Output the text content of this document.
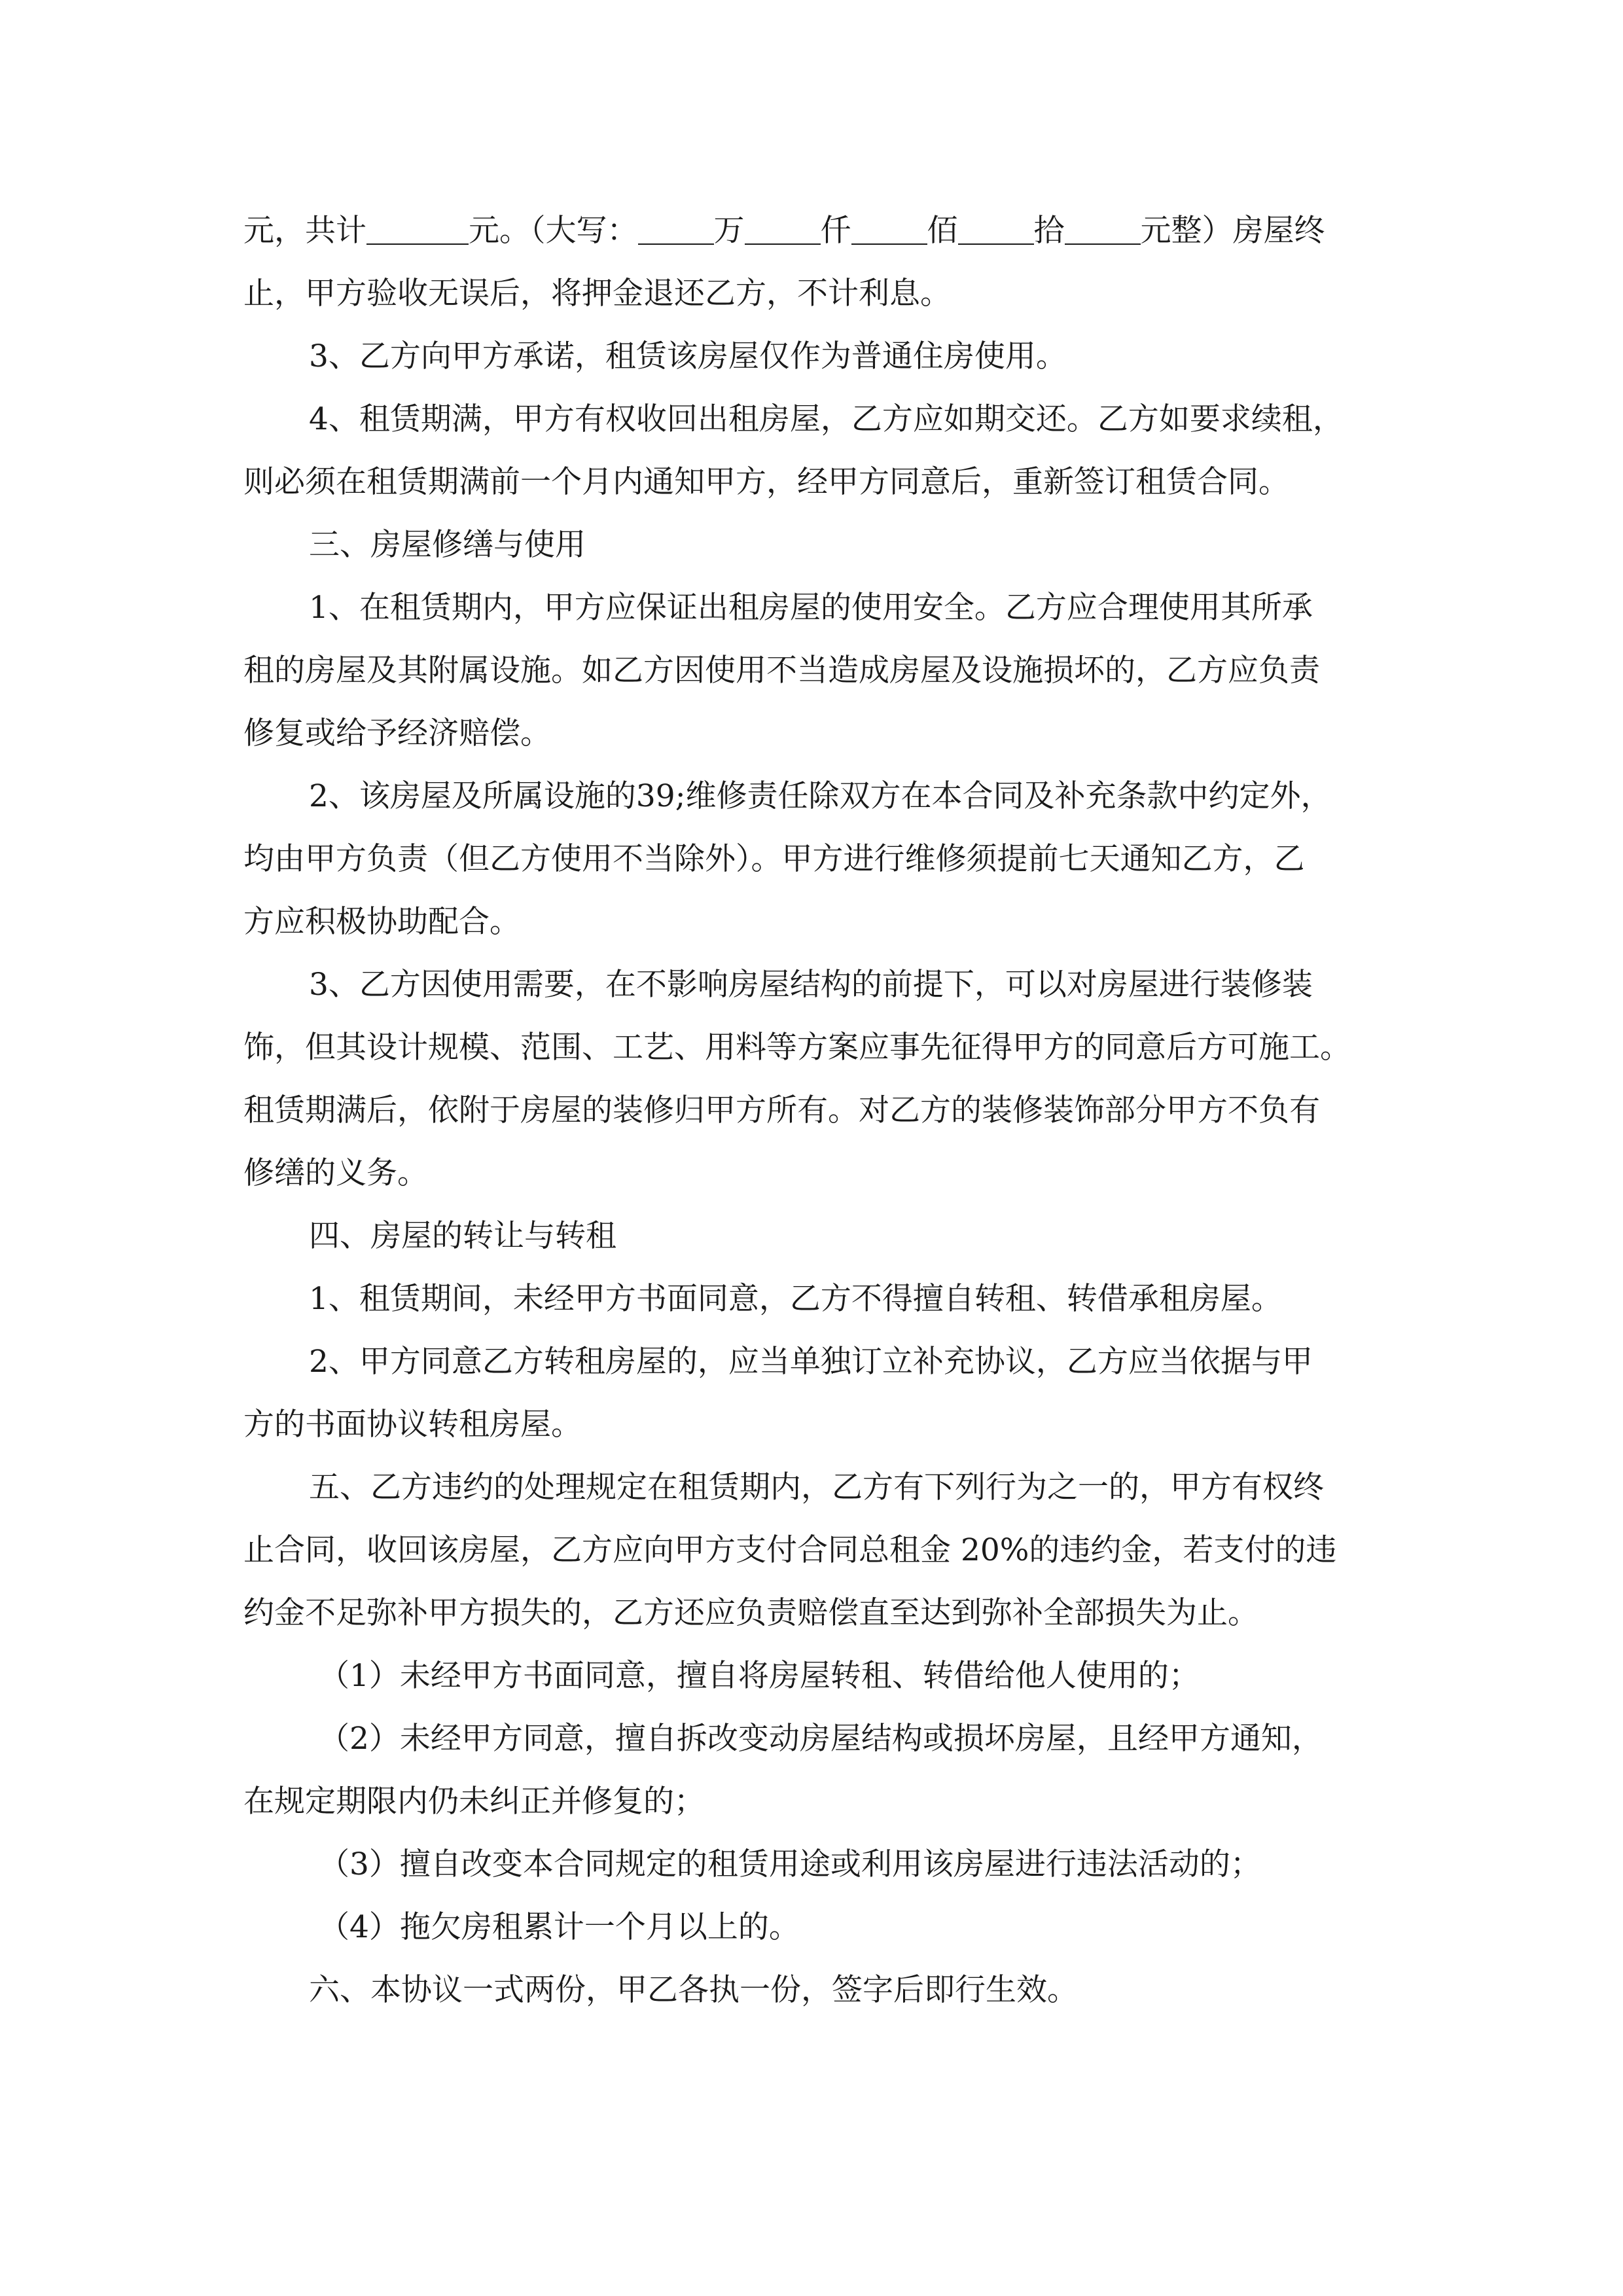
元，共计	元。（大写： 万 仟 佰 拾 元整）房屋终
止，甲方验收无误后，将押金退还乙方，不计利息。
3、乙方向甲方承诺，租赁该房屋仅作为普通住房使用。
4、租赁期满，甲方有权收回出租房屋，乙方应如期交还。乙方如要求续租，
则必须在租赁期满前一个月内通知甲方，经甲方同意后，重新签订租赁合同。
三、房屋修缮与使用
1、在租赁期内，甲方应保证出租房屋的使用安全。乙方应合理使用其所承
租的房屋及其附属设施。如乙方因使用不当造成房屋及设施损坏的，乙方应负责
修复或给予经济赔偿。
2、该房屋及所属设施的39;维修责任除双方在本合同及补充条款中约定外，
均由甲方负责（但乙方使用不当除外）。甲方进行维修须提前七天通知乙方，乙
方应积极协助配合。
3、乙方因使用需要，在不影响房屋结构的前提下，可以对房屋进行装修装
饰，但其设计规模、范围、工艺、用料等方案应事先征得甲方的同意后方可施工。
租赁期满后，依附于房屋的装修归甲方所有。对乙方的装修装饰部分甲方不负有
修缮的义务。
四、房屋的转让与转租
1、租赁期间，未经甲方书面同意，乙方不得擅自转租、转借承租房屋。
2、甲方同意乙方转租房屋的，应当单独订立补充协议，乙方应当依据与甲
方的书面协议转租房屋。
五、乙方违约的处理规定在租赁期内，乙方有下列行为之一的，甲方有权终
止合同，收回该房屋，乙方应向甲方支付合同总租金 20%的违约金，若支付的违
约金不足弥补甲方损失的，乙方还应负责赔偿直至达到弥补全部损失为止。
（1）未经甲方书面同意，擅自将房屋转租、转借给他人使用的；
（2）未经甲方同意，擅自拆改变动房屋结构或损坏房屋，且经甲方通知，
在规定期限内仍未纠正并修复的；
（3）擅自改变本合同规定的租赁用途或利用该房屋进行违法活动的；
（4）拖欠房租累计一个月以上的。
六、本协议一式两份，甲乙各执一份，签字后即行生效。
